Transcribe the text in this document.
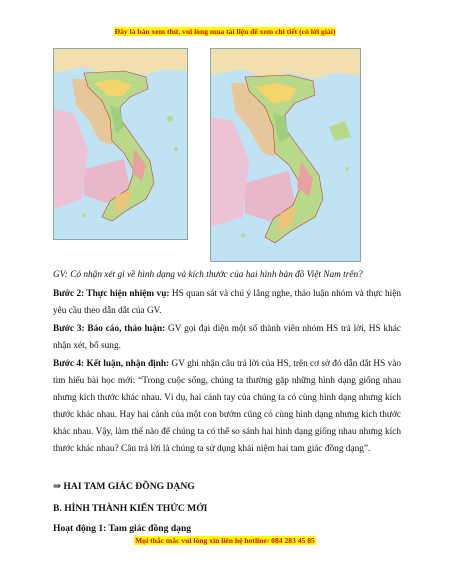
Đây là bản xem thử, vui lòng mua tài liệu để xem chi tiết (có lời giải)
GV: Có nhận xét gì về hình dạng và kích thước của hai hình bản đồ Việt Nam trên?
Bước 2: Thực hiện nhiệm vụ: HS quan sát và chú ý lắng nghe, thảo luận nhóm và thực hiện yêu cầu theo dẫn dắt của GV.
Bước 3: Báo cáo, thảo luận: GV gọi đại diện một số thành viên nhóm HS trả lời, HS khác nhận xét, bổ sung.
Bước 4: Kết luận, nhận định: GV ghi nhận câu trả lời của HS, trên cơ sở đó dẫn dắt HS vào tìm hiểu bài học mới: “Trong cuộc sống, chúng ta thường gặp những hình dạng giống nhau nhưng kích thước khác nhau. Ví dụ, hai cánh tay của chúng ta có cùng hình dạng nhưng kích thước khác nhau. Hay hai cánh của một con bướm cũng có cùng hình dạng nhưng kích thước khác nhau. Vậy, làm thế nào để chúng ta có thể so sánh hai hình dạng giống nhau nhưng kích thước khác nhau? Câu trả lời là chúng ta sử dụng khái niệm hai tam giác đồng dạng”.
⇒ HAI TAM GIÁC ĐỒNG DẠNG
B. HÌNH THÀNH KIẾN THỨC MỚI
Hoạt động 1: Tam giác đồng dạng
Mọi thắc mắc vui lòng xin liên hệ hotline: 084 283 45 85
